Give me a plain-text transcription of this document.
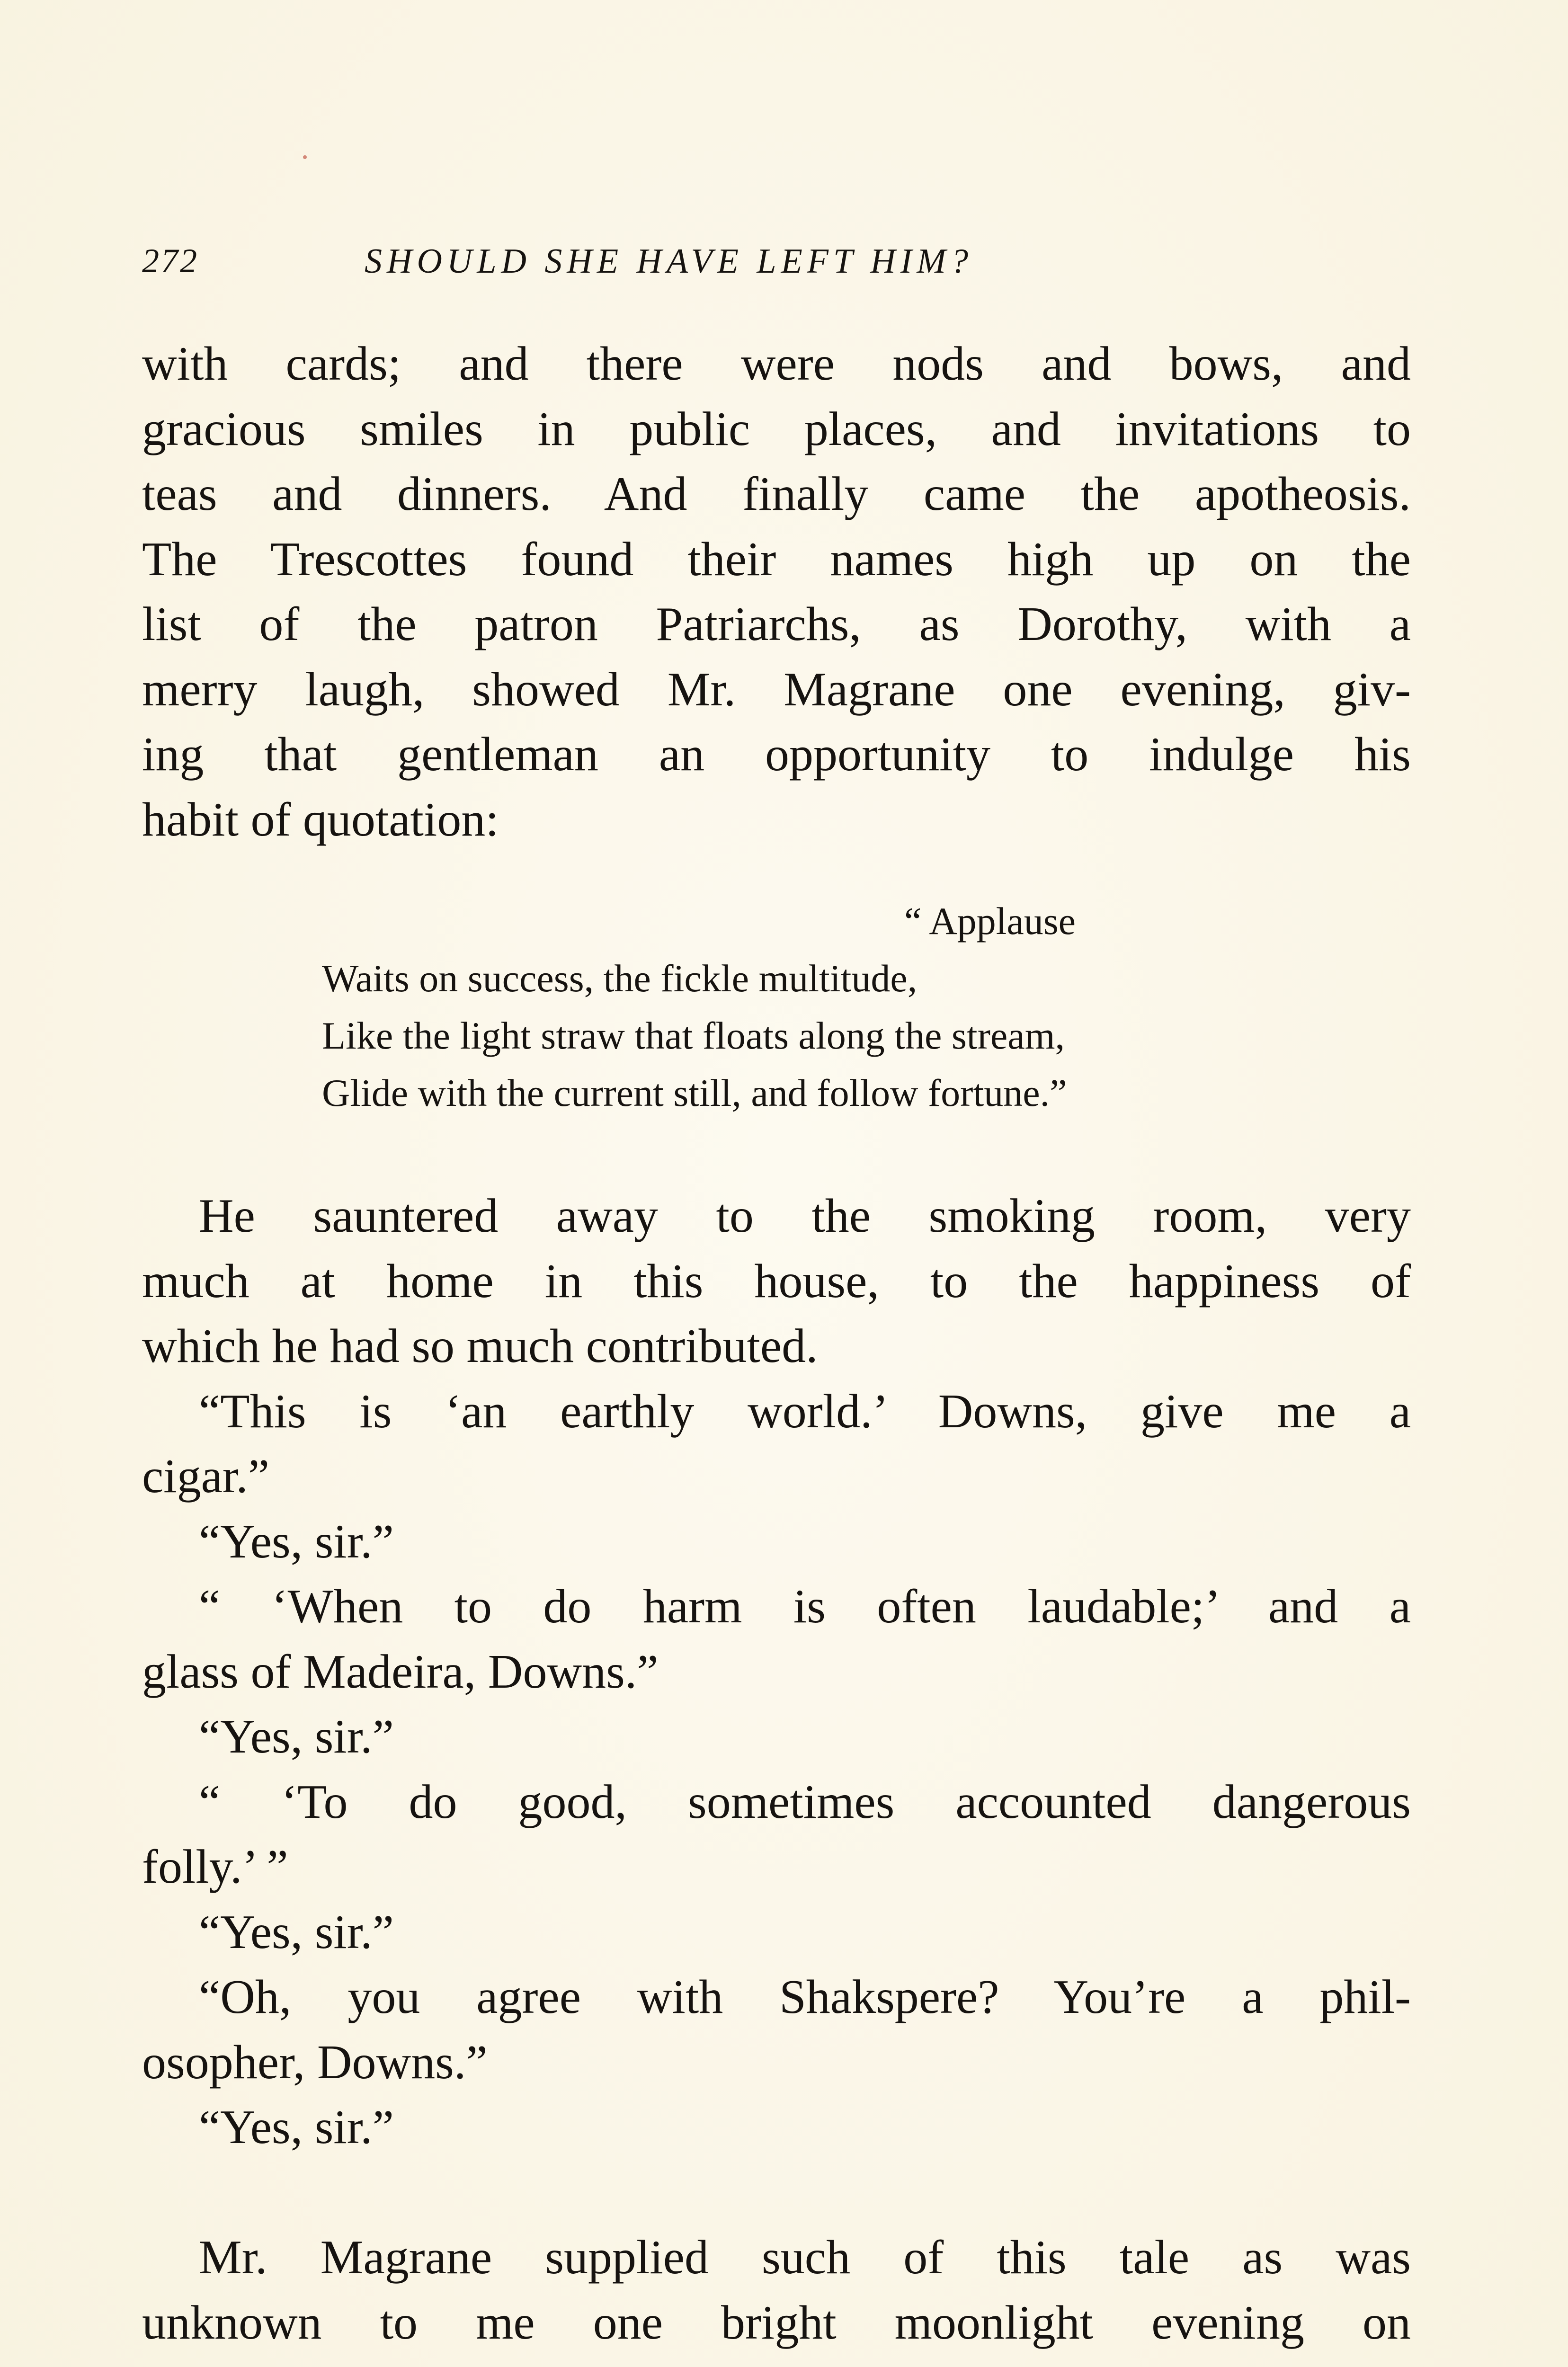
272	SHOULD SHE HAVE LEFT HIM?
with cards; and there were nods and bows, and
gracious smiles in public places, and invitations to
teas and dinners. And finally came the apotheosis.
The Trescottes found their names high up on the
list of the patron Patriarchs, as Dorothy, with a
merry laugh, showed Mr. Magrane one evening, giv-
ing that gentleman an opportunity to indulge his
habit of quotation:
“ Applause
Waits on success, the fickle multitude,
Like the light straw that floats along the stream,
Glide with the current still, and follow fortune.”
He sauntered away to the smoking room, very
much at home in this house, to the happiness of
which he had so much contributed.
“This is ‘an earthly world.’ Downs, give me a
cigar.”
“Yes, sir.”
“ ‘When to do harm is often laudable;’ and a
glass of Madeira, Downs.”
“Yes, sir.”
“ ‘To do good, sometimes accounted dangerous
folly.’ ”
“Yes, sir.”
“Oh, you agree with Shakspere? You’re a phil-
osopher, Downs.”
“Yes, sir.”
Mr. Magrane supplied such of this tale as was
unknown to me one bright moonlight evening on
